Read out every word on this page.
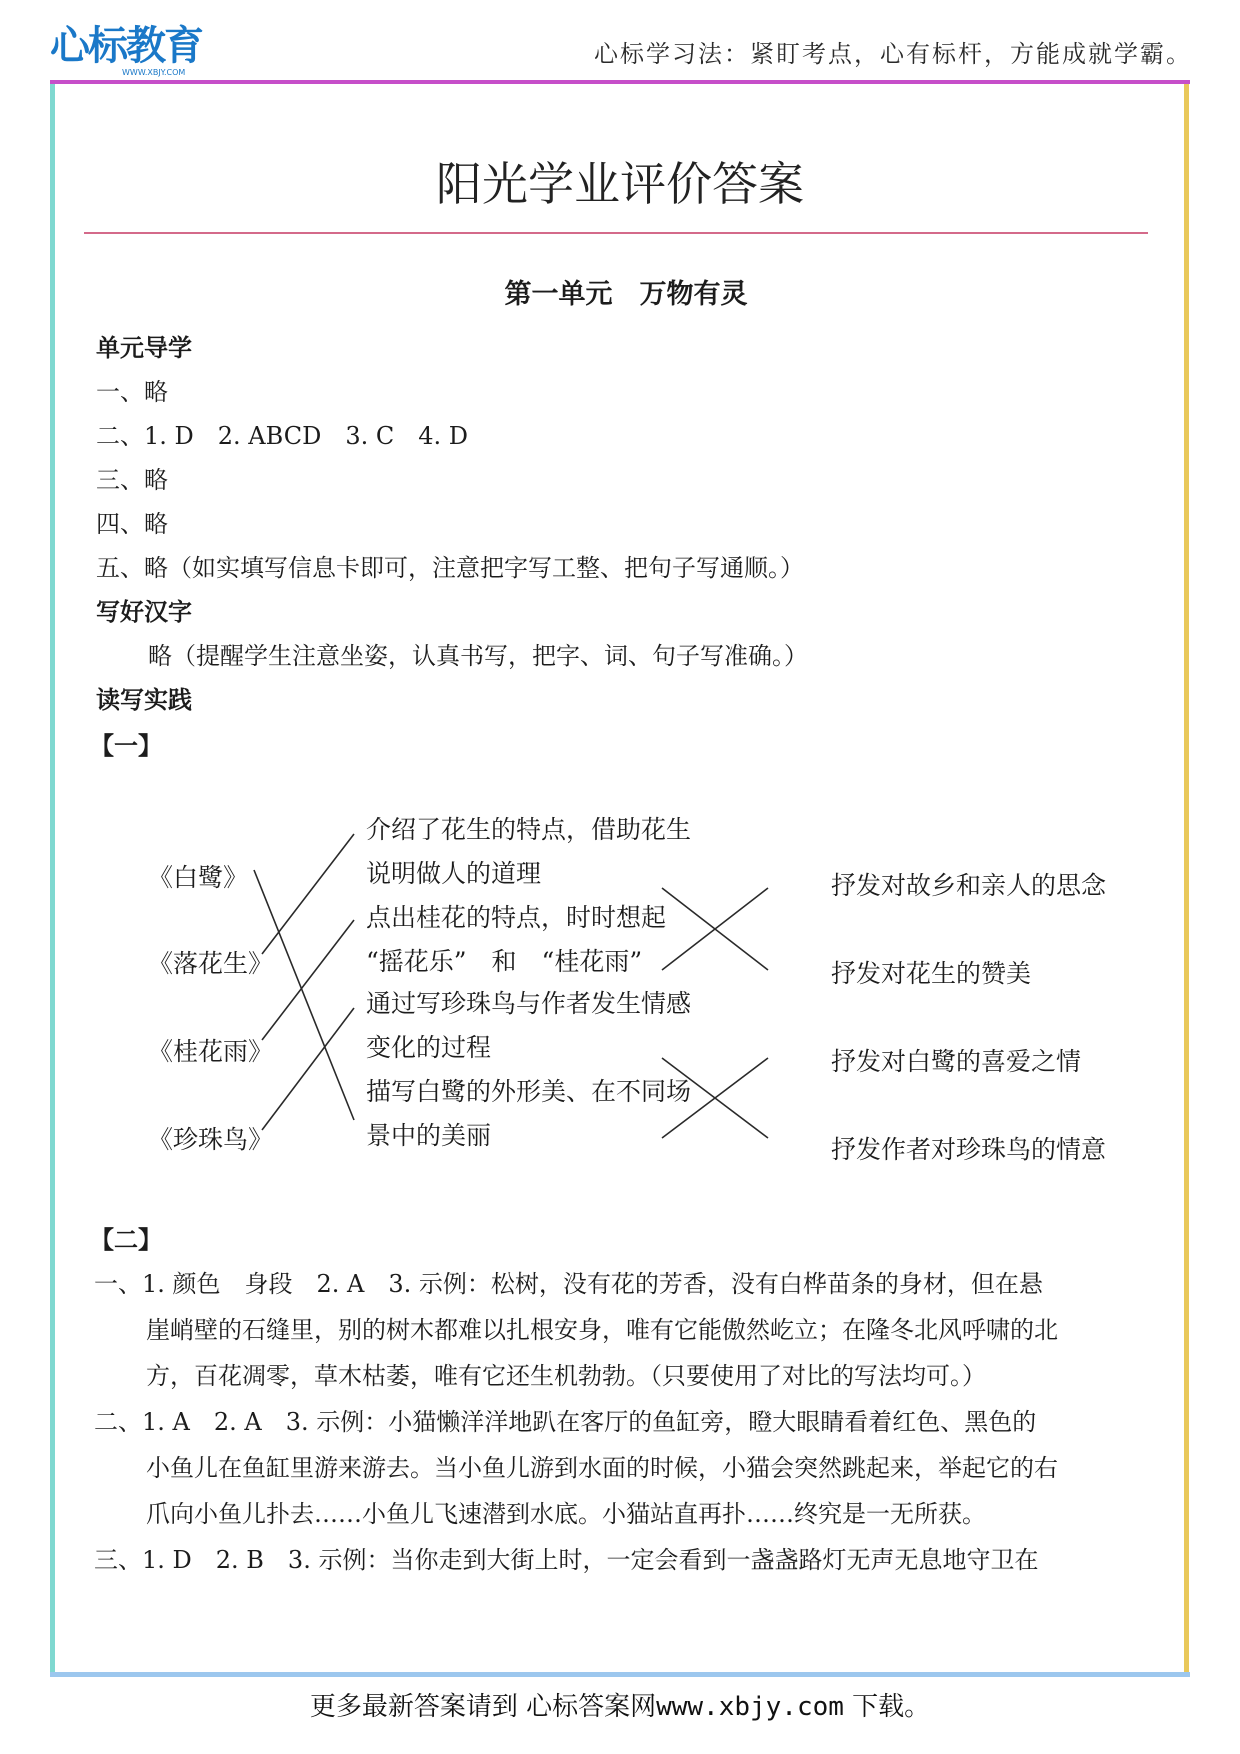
心标教育
WWW.XBJY.COM
心标学习法：紧盯考点，心有标杆，方能成就学霸。
阳光学业评价答案
第一单元　万物有灵
单元导学
一、略
二、1. D　2. ABCD　3. C　4. D
三、略
四、略
五、略（如实填写信息卡即可，注意把字写工整、把句子写通顺。）
写好汉字
略（提醒学生注意坐姿，认真书写，把字、词、句子写准确。）
读写实践
【一】
《白鹭》
《落花生》
《桂花雨》
《珍珠鸟》
介绍了花生的特点，借助花生
说明做人的道理
点出桂花的特点，时时想起
“摇花乐”　和　“桂花雨”
通过写珍珠鸟与作者发生情感
变化的过程
描写白鹭的外形美、在不同场
景中的美丽
抒发对故乡和亲人的思念
抒发对花生的赞美
抒发对白鹭的喜爱之情
抒发作者对珍珠鸟的情意
【二】
一、1. 颜色　身段　2. A　3. 示例：松树，没有花的芳香，没有白桦苗条的身材，但在悬
崖峭壁的石缝里，别的树木都难以扎根安身，唯有它能傲然屹立；在隆冬北风呼啸的北
方，百花凋零，草木枯萎，唯有它还生机勃勃。（只要使用了对比的写法均可。）
二、1. A　2. A　3. 示例：小猫懒洋洋地趴在客厅的鱼缸旁，瞪大眼睛看着红色、黑色的
小鱼儿在鱼缸里游来游去。当小鱼儿游到水面的时候，小猫会突然跳起来，举起它的右
爪向小鱼儿扑去……小鱼儿飞速潜到水底。小猫站直再扑……终究是一无所获。
三、1. D　2. B　3. 示例：当你走到大街上时，一定会看到一盏盏路灯无声无息地守卫在
更多最新答案请到 心标答案网www.xbjy.com 下载。
